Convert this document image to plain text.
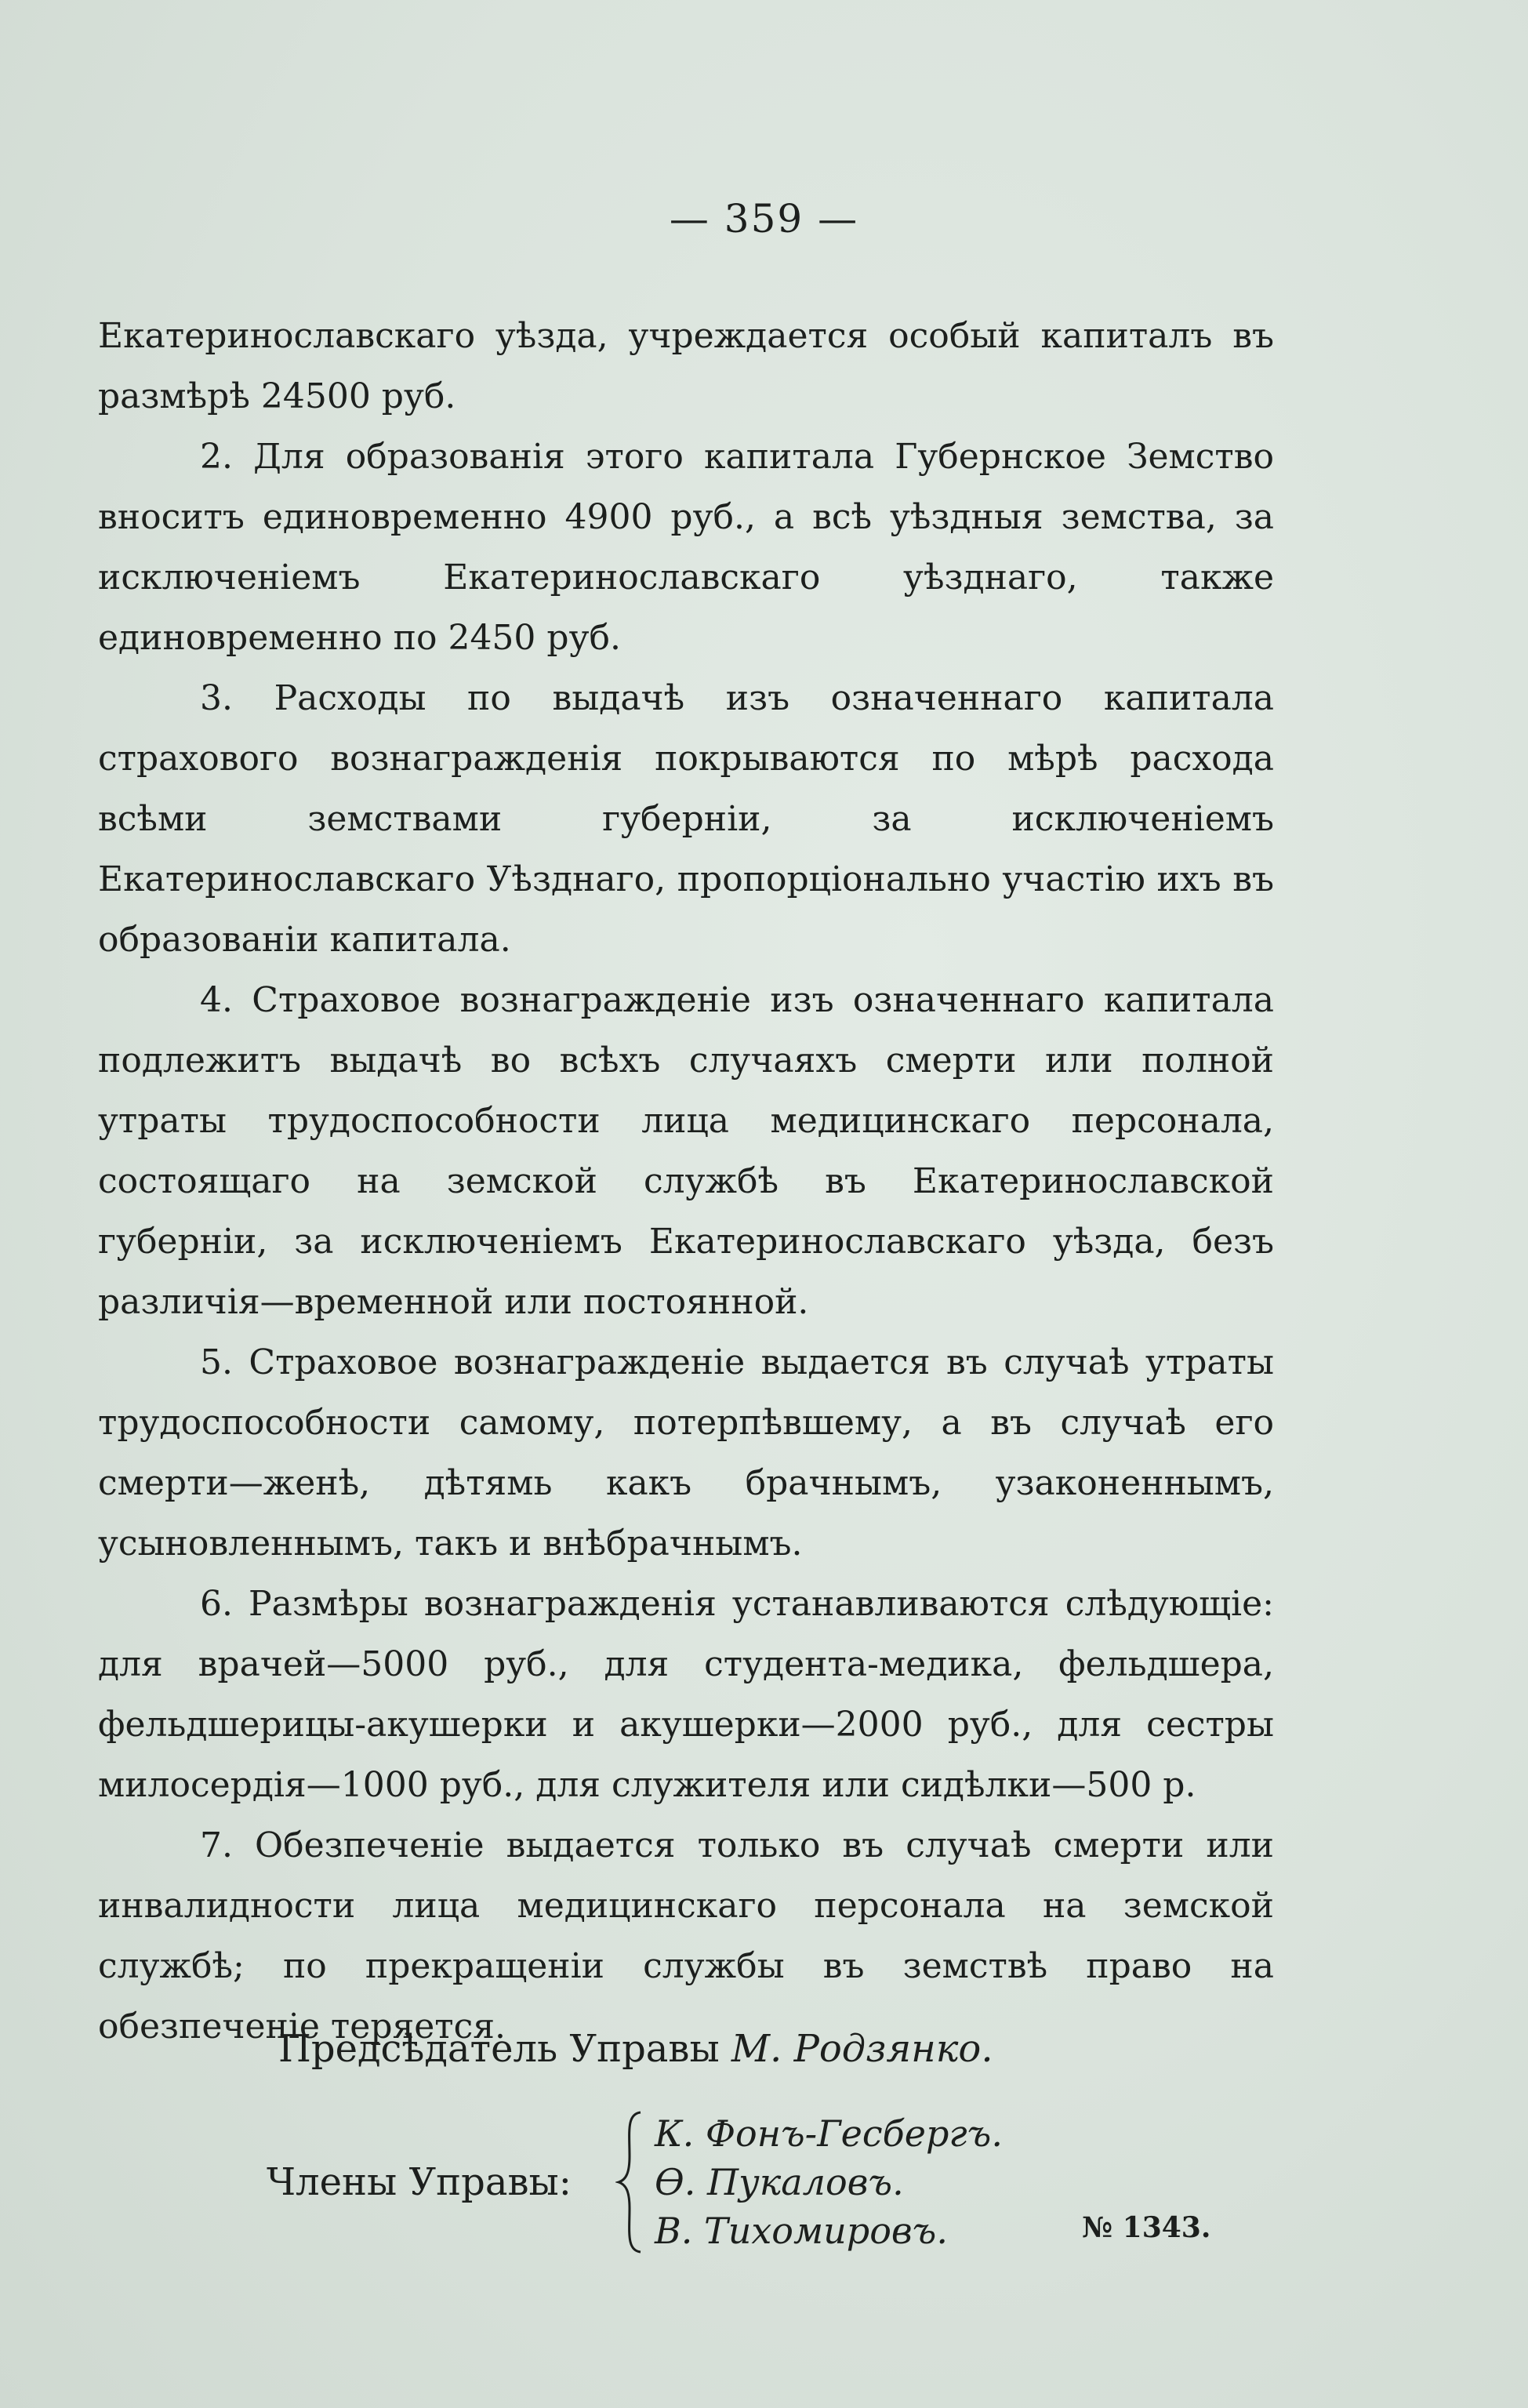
— 359 —

Екатеринославскаго уѣзда, учреждается особый капиталъ въ размѣрѣ 24500 руб.

2. Для образованія этого капитала Губернское Земство вноситъ единовременно 4900 руб., а всѣ уѣздныя земства, за исключеніемъ Екатеринославскаго уѣзднаго, также единовременно по 2450 руб.

3. Расходы по выдачѣ изъ означеннаго капитала страхового вознагражденія покрываются по мѣрѣ расхода всѣми земствами губерніи, за исключеніемъ Екатеринославскаго Уѣзднаго, пропорціонально участію ихъ въ образованіи капитала.

4. Страховое вознагражденіе изъ означеннаго капитала подлежитъ выдачѣ во всѣхъ случаяхъ смерти или полной утраты трудоспособности лица медицинскаго персонала, состоящаго на земской службѣ въ Екатеринославской губерніи, за исключеніемъ Екатеринославскаго уѣзда, безъ различія—временной или постоянной.

5. Страховое вознагражденіе выдается въ случаѣ утраты трудоспособности самому, потерпѣвшему, а въ случаѣ его смерти—женѣ, дѣтямь какъ брачнымъ, узаконеннымъ, усыновленнымъ, такъ и внѣбрачнымъ.

6. Размѣры вознагражденія устанавливаются слѣдующіе: для врачей—5000 руб., для студента-медика, фельдшера, фельдшерицы-акушерки и акушерки—2000 руб., для сестры милосердія—1000 руб., для служителя или сидѣлки—500 р.

7. Обезпеченіе выдается только въ случаѣ смерти или инвалидности лица медицинскаго персонала на земской службѣ; по прекращеніи службы въ земствѣ право на обезпеченіе теряется.

Предсѣдатель Управы М. Родзянко.
Члены Управы:
К. Фонъ-Гесбергъ.
Ѳ. Пукаловъ.
В. Тихомировъ.	№ 1343.
